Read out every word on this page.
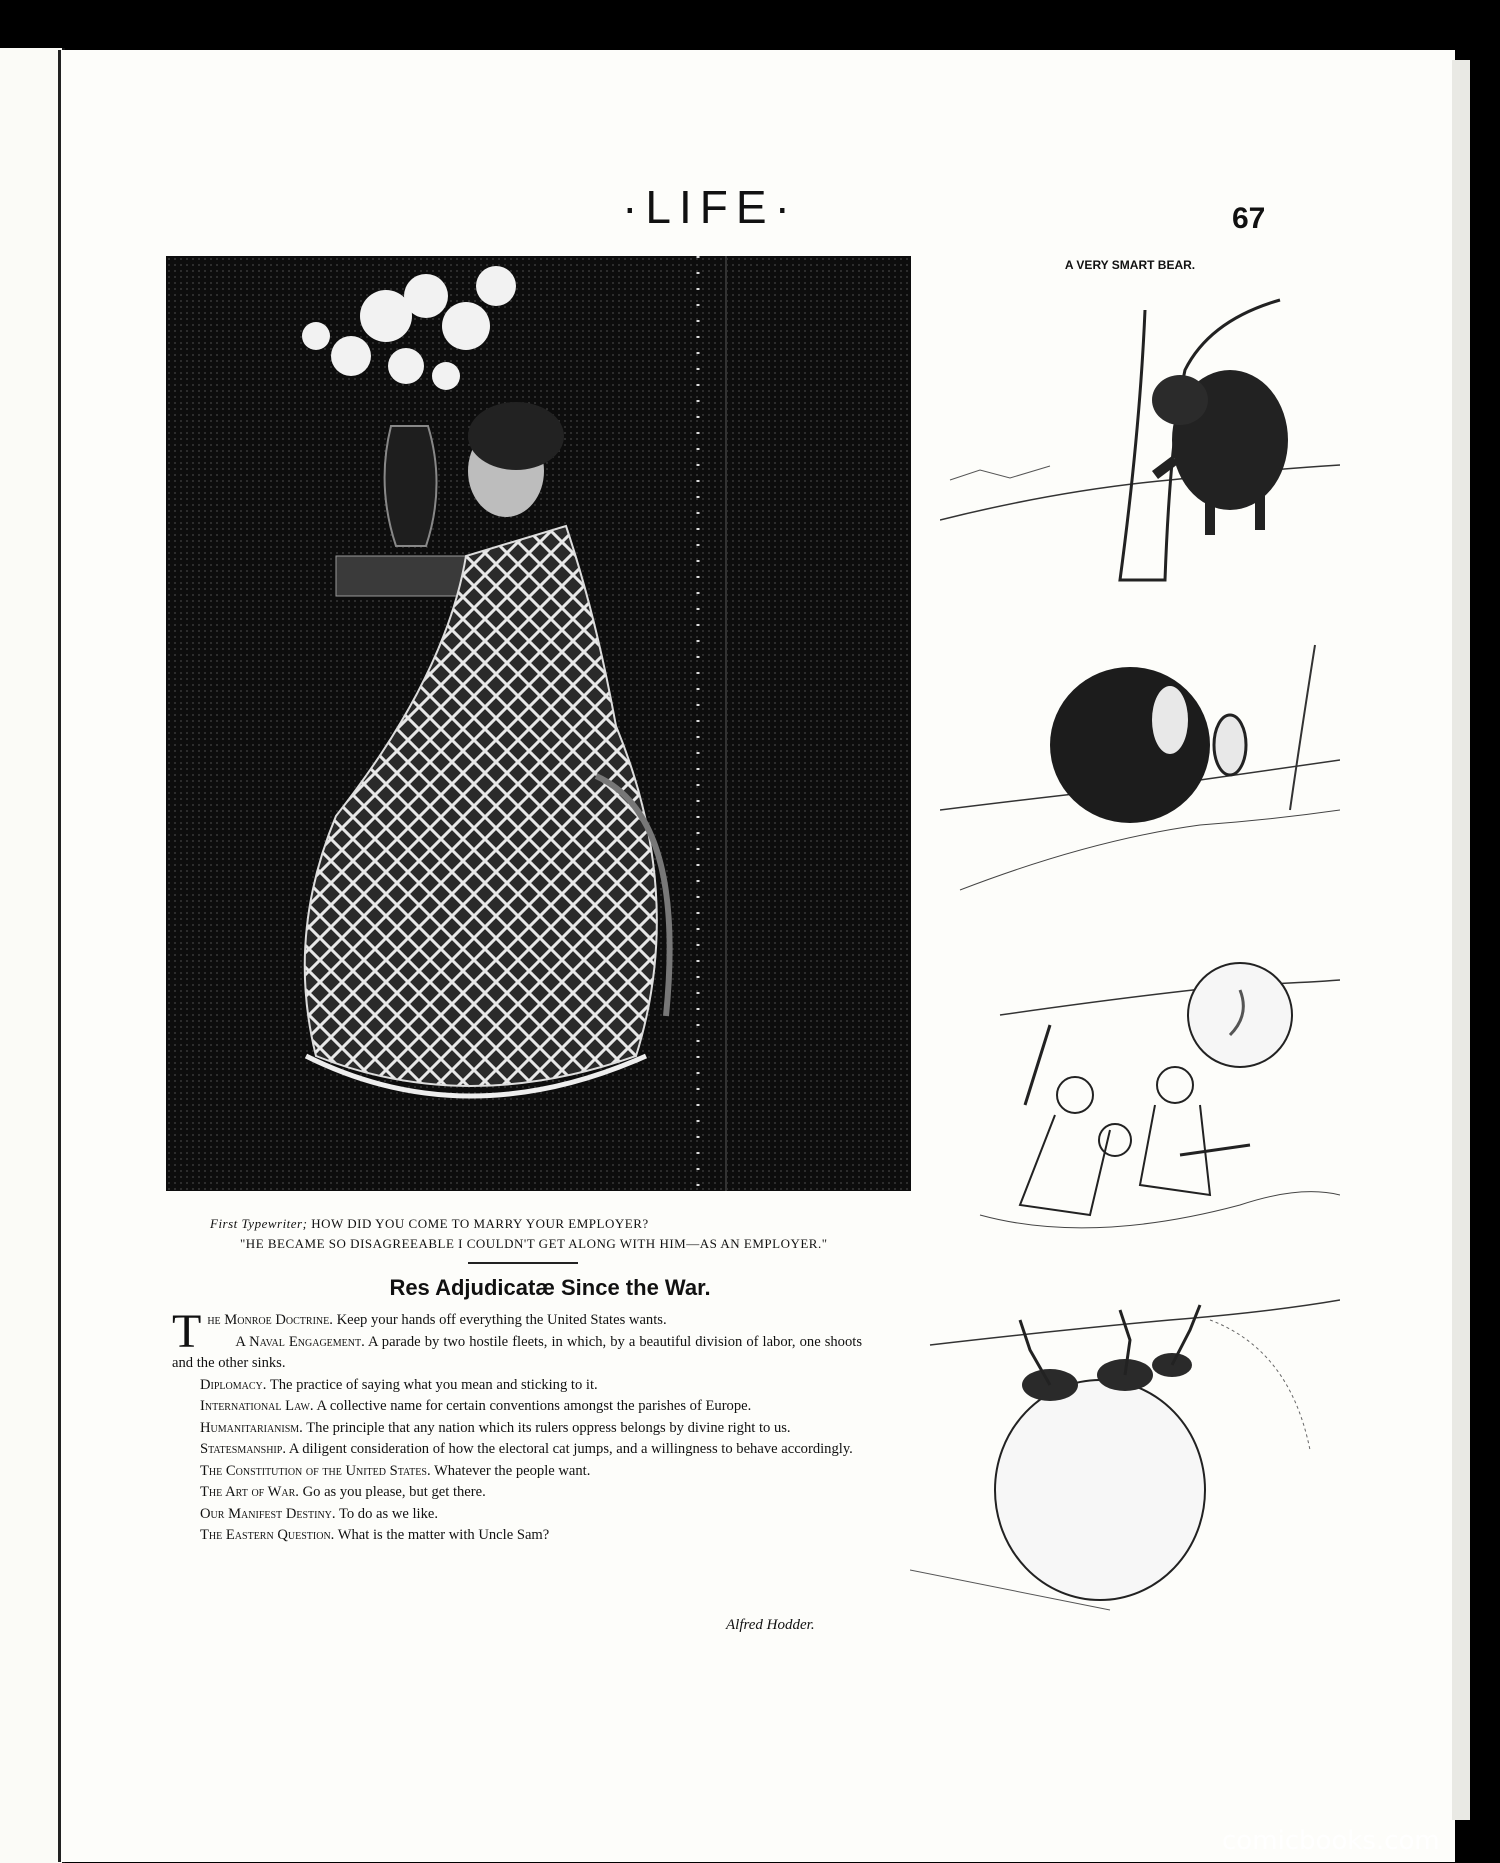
·LIFE·	67
First Typewriter; HOW DID YOU COME TO MARRY YOUR EMPLOYER?
"HE BECAME SO DISAGREEABLE I COULDN'T GET ALONG WITH HIM—AS AN EMPLOYER."
Res Adjudicatæ Since the War.

The Monroe Doctrine. Keep your hands off everything the United States wants.

A Naval Engagement. A parade by two hostile fleets, in which, by a beautiful division of labor, one shoots and the other sinks.

Diplomacy. The practice of saying what you mean and sticking to it.

International Law. A collective name for certain conventions amongst the parishes of Europe.

Humanitarianism. The principle that any nation which its rulers oppress belongs by divine right to us.

Statesmanship. A diligent consideration of how the electoral cat jumps, and a willingness to behave accordingly.

The Constitution of the United States. Whatever the people want.

The Art of War. Go as you please, but get there.

Our Manifest Destiny. To do as we like.

The Eastern Question. What is the matter with Uncle Sam?

Alfred Hodder.
A VERY SMART BEAR.
comicbooks.com
